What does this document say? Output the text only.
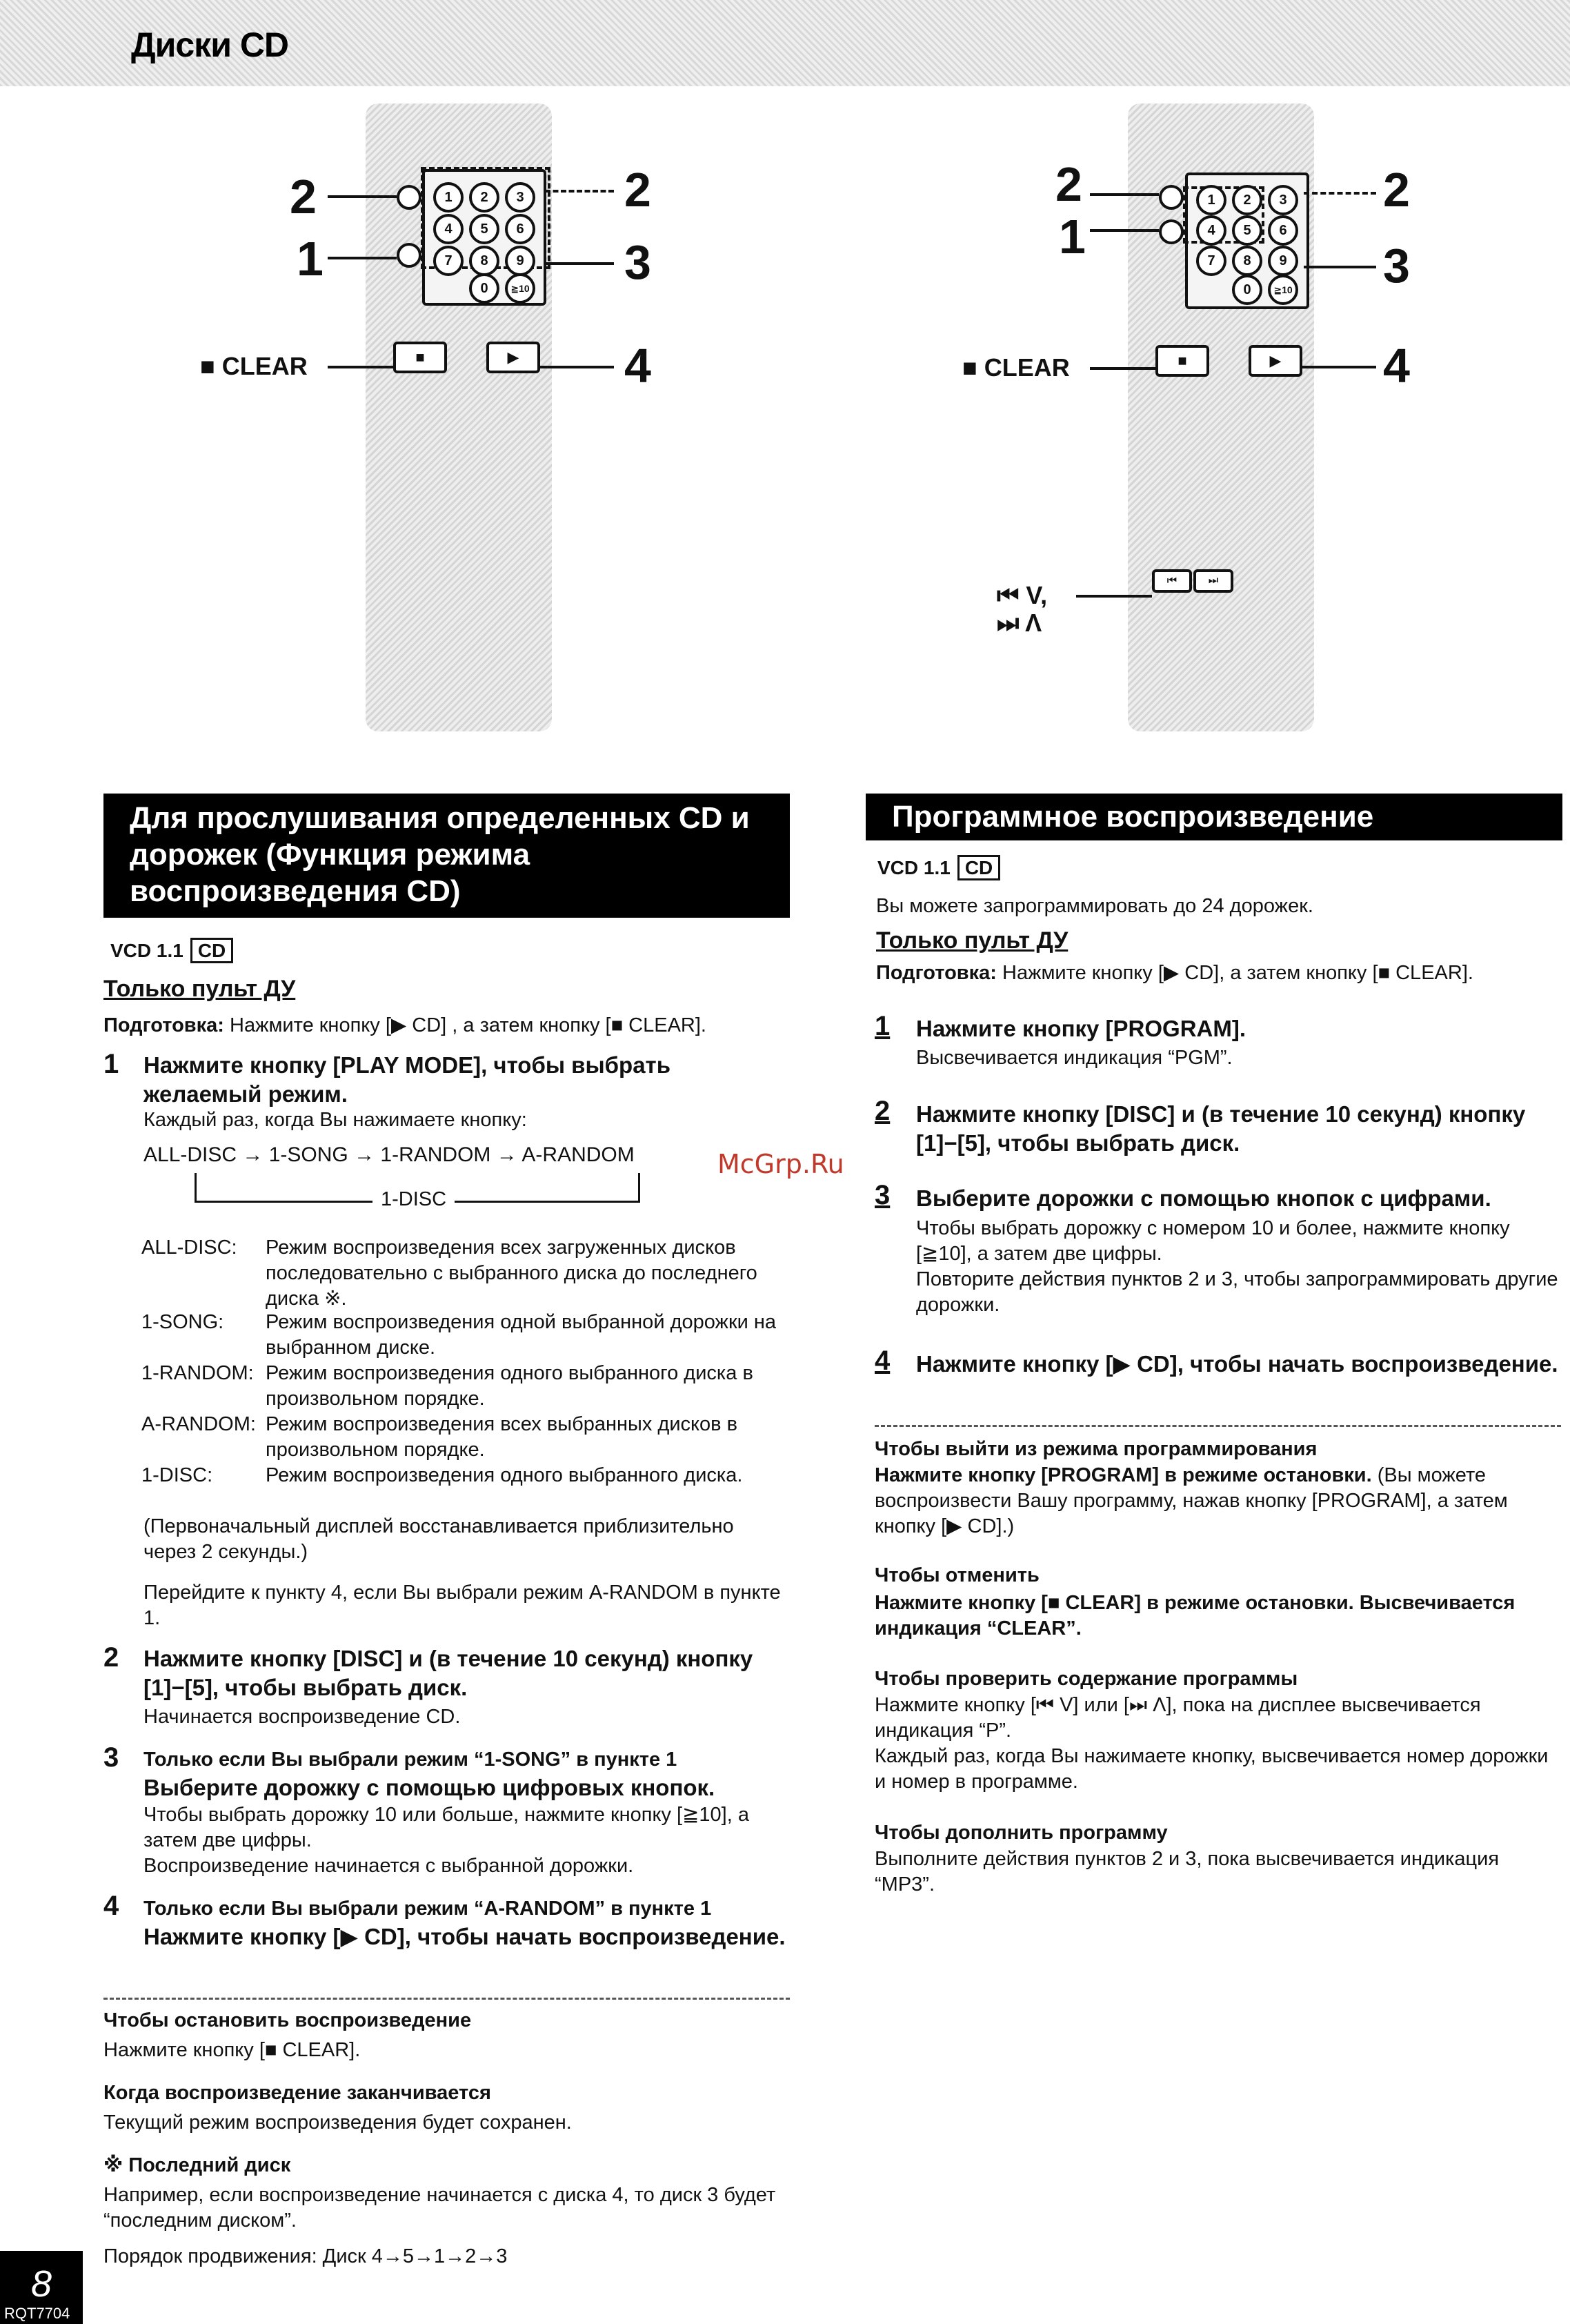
Диски CD
1	2	3
4	5	6
7	8	9
0	≧10
■	▶
2
1
2
3
4
■ CLEAR
1	2	3
4	5	6
7	8	9
0	≧10
■	▶
⏮	⏭
2
1
2
3
4
■ CLEAR
⏮ V,
⏭ Λ
Для прослушивания определенных CD и дорожек (Функция режима воспроизведения CD)
VCD 1.1 CD
Только пульт ДУ
Подготовка: Нажмите кнопку [▶ CD] , а затем кнопку [■ CLEAR].
1 Нажмите кнопку [PLAY MODE], чтобы выбрать желаемый режим.
Каждый раз, когда Вы нажимаете кнопку:
ALL-DISC → 1-SONG → 1-RANDOM → A-RANDOM
1-DISC
ALL-DISC: Режим воспроизведения всех загруженных дисков последовательно с выбранного диска до последнего диска ※.
1-SONG: Режим воспроизведения одной выбранной дорожки на выбранном диске.
1-RANDOM: Режим воспроизведения одного выбранного диска в произвольном порядке.
A-RANDOM: Режим воспроизведения всех выбранных дисков в произвольном порядке.
1-DISC:	Режим воспроизведения одного выбранного диска.
(Первоначальный дисплей восстанавливается приблизительно через 2 секунды.)
Перейдите к пункту 4, если Вы выбрали режим A-RANDOM в пункте 1.
2 Нажмите кнопку [DISC] и (в течение 10 секунд) кнопку [1]−[5], чтобы выбрать диск.
Начинается воспроизведение CD.
3 Только если Вы выбрали режим “1-SONG” в пункте 1
Выберите дорожку с помощью цифровых кнопок.
Чтобы выбрать дорожку 10 или больше, нажмите кнопку [≧10], а затем две цифры.
Воспроизведение начинается с выбранной дорожки.
4 Только если Вы выбрали режим “A-RANDOM” в пункте 1
Нажмите кнопку [▶ CD], чтобы начать воспроизведение.
Чтобы остановить воспроизведение
Нажмите кнопку [■ CLEAR].
Когда воспроизведение заканчивается
Текущий режим воспроизведения будет сохранен.
※ Последний диск
Например, если воспроизведение начинается с диска 4, то диск 3 будет “последним диском”.
Порядок продвижения: Диск 4→5→1→2→3
Программное воспроизведение
VCD 1.1 CD
Вы можете запрограммировать до 24 дорожек.
Только пульт ДУ
Подготовка: Нажмите кнопку [▶ CD], а затем кнопку [■ CLEAR].
1 Нажмите кнопку [PROGRAM].
Высвечивается индикация “PGM”.
2 Нажмите кнопку [DISC] и (в течение 10 секунд) кнопку [1]−[5], чтобы выбрать диск.
3 Выберите дорожки с помощью кнопок с цифрами.
Чтобы выбрать дорожку с номером 10 и более, нажмите кнопку [≧10], а затем две цифры.
Повторите действия пунктов 2 и 3, чтобы запрограммировать другие дорожки.
4 Нажмите кнопку [▶ CD], чтобы начать воспроизведение.
Чтобы выйти из режима программирования
Нажмите кнопку [PROGRAM] в режиме остановки. (Вы можете воспроизвести Вашу программу, нажав кнопку [PROGRAM], а затем кнопку [▶ CD].)
Чтобы отменить
Нажмите кнопку [■ CLEAR] в режиме остановки. Высвечивается индикация “CLEAR”.
Чтобы проверить содержание программы
Нажмите кнопку [⏮ V] или [⏭ Λ], пока на дисплее высвечивается индикация “P”.
Каждый раз, когда Вы нажимаете кнопку, высвечивается номер дорожки и номер в программе.
Чтобы дополнить программу
Выполните действия пунктов 2 и 3, пока высвечивается индикация “MP3”.
McGrp.Ru
8
RQT7704
